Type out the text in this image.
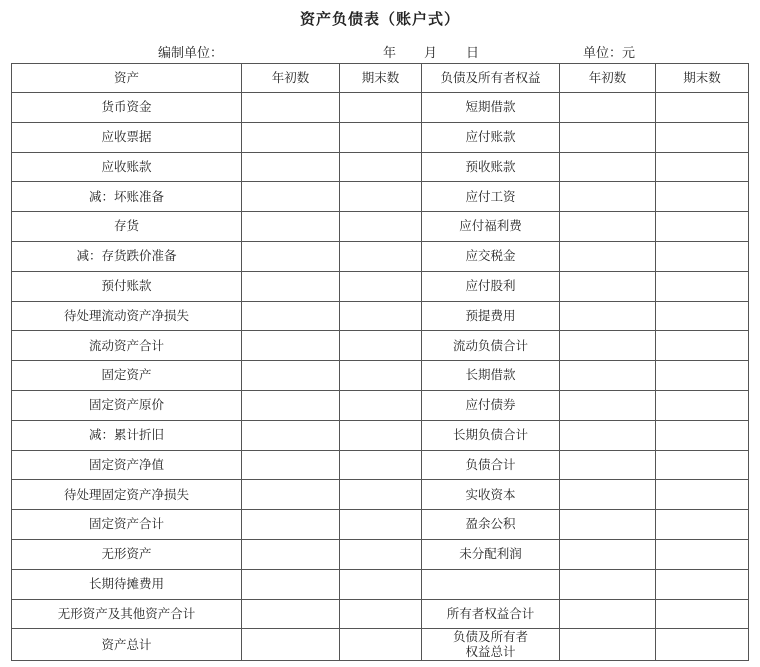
资产负债表（账户式）
编制单位：	年 月 日	单位：元
资产	年初数	期末数	负债及所有者权益	年初数	期末数
货币资金			短期借款		
应收票据			应付账款		
应收账款			预收账款		
减：坏账准备			应付工资		
存货			应付福利费		
减：存货跌价准备			应交税金		
预付账款			应付股利		
待处理流动资产净损失			预提费用		
流动资产合计			流动负债合计		
固定资产			长期借款		
固定资产原价			应付债券		
减：累计折旧			长期负债合计		
固定资产净值			负债合计		
待处理固定资产净损失			实收资本		
固定资产合计			盈余公积		
无形资产			未分配利润		
长期待摊费用					
无形资产及其他资产合计			所有者权益合计		
资产总计			负债及所有者
权益总计		
